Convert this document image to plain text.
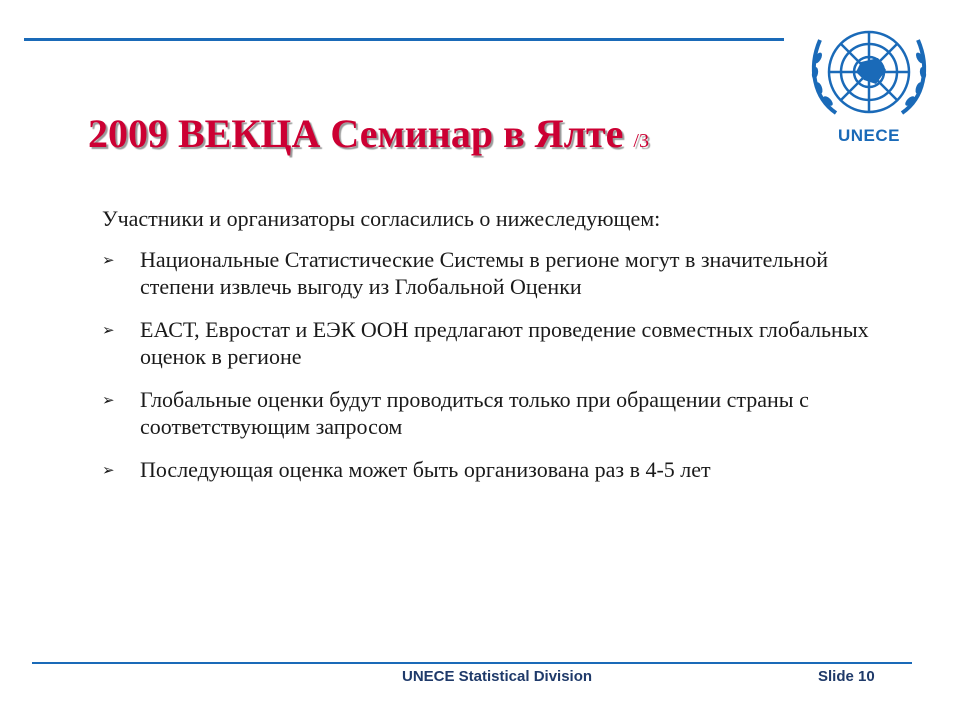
UNECE
2009 ВЕКЦА Семинар в Ялте /3

Участники и организаторы согласились о нижеследующем:

➢ Национальные Статистические Системы в регионе могут в значительной степени извлечь выгоду из Глобальной Оценки
➢ ЕАСТ, Евростат и ЕЭК ООН предлагают проведение совместных глобальных оценок в регионе
➢ Глобальные оценки будут проводиться только при обращении страны с соответствующим запросом
➢ Последующая оценка может быть организована раз в 4-5 лет
UNECE Statistical Division	Slide 10
